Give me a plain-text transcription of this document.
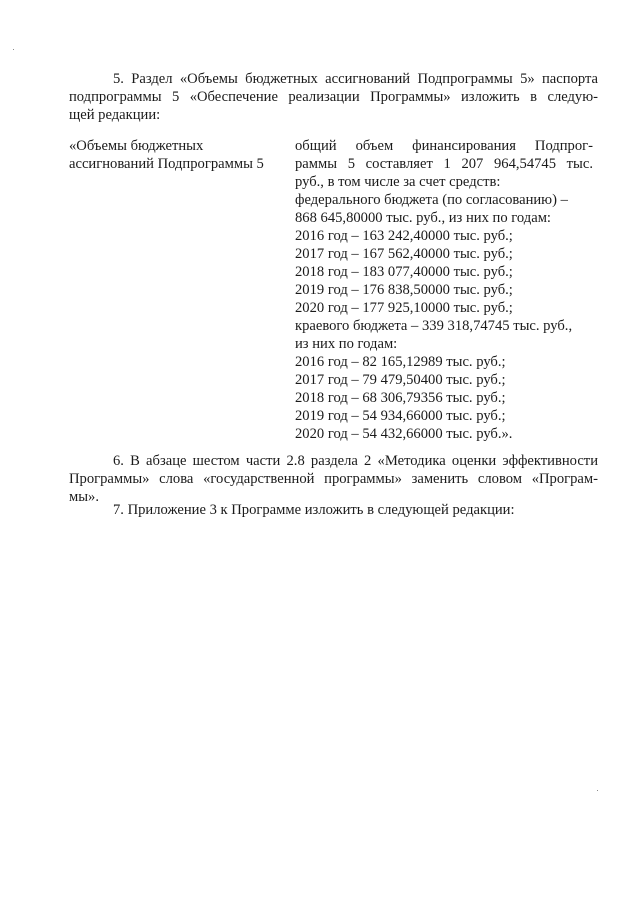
5. Раздел «Объемы бюджетных ассигнований Подпрограммы 5» паспорта
подпрограммы 5 «Обеспечение реализации Программы» изложить в следую-
щей редакции:
«Объемы бюджетных
ассигнований Подпрограммы 5
общий объем финансирования Подпрог-
раммы 5 составляет 1 207 964,54745 тыс.
руб., в том числе за счет средств:
федерального бюджета (по согласованию) –
868 645,80000 тыс. руб., из них по годам:
2016 год – 163 242,40000 тыс. руб.;
2017 год – 167 562,40000 тыс. руб.;
2018 год – 183 077,40000 тыс. руб.;
2019 год – 176 838,50000 тыс. руб.;
2020 год – 177 925,10000 тыс. руб.;
краевого бюджета – 339 318,74745 тыс. руб.,
из них по годам:
2016 год – 82 165,12989 тыс. руб.;
2017 год – 79 479,50400 тыс. руб.;
2018 год – 68 306,79356 тыс. руб.;
2019 год – 54 934,66000 тыс. руб.;
2020 год – 54 432,66000 тыс. руб.».
6. В абзаце шестом части 2.8 раздела 2 «Методика оценки эффективности
Программы» слова «государственной программы» заменить словом «Програм-
мы».
7. Приложение 3 к Программе изложить в следующей редакции:
